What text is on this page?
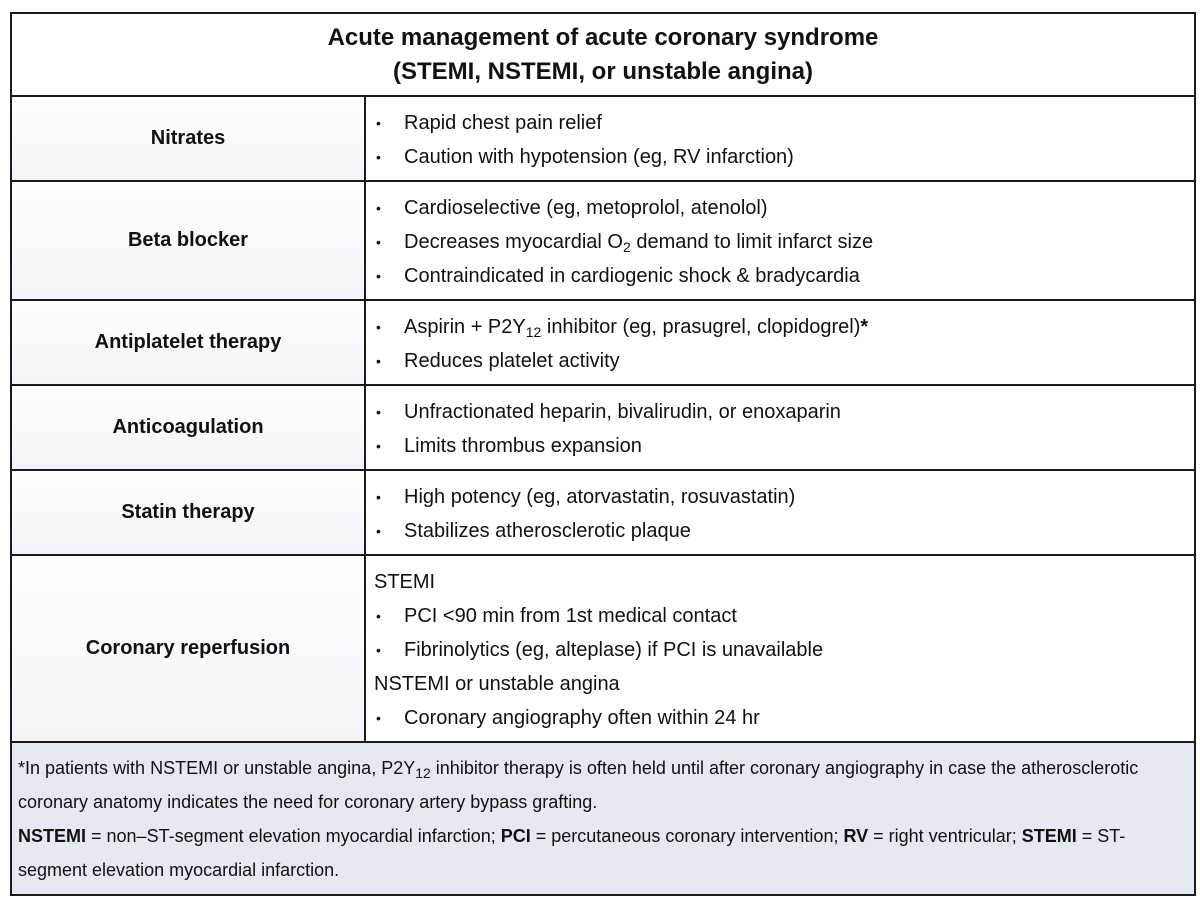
Acute management of acute coronary syndrome
(STEMI, NSTEMI, or unstable angina)
Nitrates
•	Rapid chest pain relief
•	Caution with hypotension (eg, RV infarction)
Beta blocker
•	Cardioselective (eg, metoprolol, atenolol)
•	Decreases myocardial $O_2$ demand to limit infarct size
•	Contraindicated in cardiogenic shock & bradycardia
Antiplatelet therapy
•	Aspirin + $P2Y_{12}$ inhibitor (eg, prasugrel, clopidogrel)*
•	Reduces platelet activity
Anticoagulation
•	Unfractionated heparin, bivalirudin, or enoxaparin
•	Limits thrombus expansion
Statin therapy
•	High potency (eg, atorvastatin, rosuvastatin)
•	Stabilizes atherosclerotic plaque
Coronary reperfusion
STEMI
•	PCI <90 min from 1st medical contact
•	Fibrinolytics (eg, alteplase) if PCI is unavailable
NSTEMI or unstable angina
•	Coronary angiography often within 24 hr

*In patients with NSTEMI or unstable angina, $P2Y_{12}$ inhibitor therapy is often held until after coronary angiography in case the atherosclerotic coronary anatomy indicates the need for coronary artery bypass grafting.

NSTEMI = non–ST-segment elevation myocardial infarction; PCI = percutaneous coronary intervention; RV = right ventricular; STEMI = ST-segment elevation myocardial infarction.
